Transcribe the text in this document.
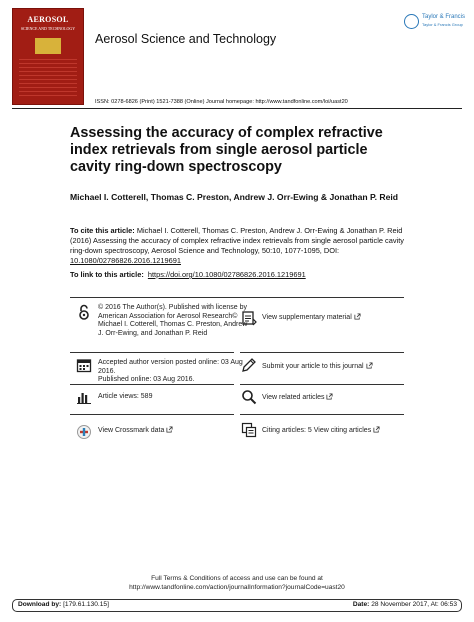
AEROSOL
SCIENCE AND TECHNOLOGY
Aerosol Science and Technology
Taylor & Francis
Taylor & Francis Group
ISSN: 0278-6826 (Print) 1521-7388 (Online) Journal homepage: http://www.tandfonline.com/loi/uast20
Assessing the accuracy of complex refractive index retrievals from single aerosol particle cavity ring-down spectroscopy
Michael I. Cotterell, Thomas C. Preston, Andrew J. Orr-Ewing & Jonathan P. Reid
To cite this article: Michael I. Cotterell, Thomas C. Preston, Andrew J. Orr-Ewing & Jonathan P. Reid (2016) Assessing the accuracy of complex refractive index retrievals from single aerosol particle cavity ring-down spectroscopy, Aerosol Science and Technology, 50:10, 1077-1095, DOI: 10.1080/02786826.2016.1219691
To link to this article: https://doi.org/10.1080/02786826.2016.1219691
© 2016 The Author(s). Published with license by American Association for Aerosol Research© Michael I. Cotterell, Thomas C. Preston, Andrew J. Orr-Ewing, and Jonathan P. Reid
Accepted author version posted online: 03 Aug 2016.
Published online: 03 Aug 2016.
Article views: 589
View Crossmark data
View supplementary material
Submit your article to this journal
View related articles
Citing articles: 5 View citing articles
Full Terms & Conditions of access and use can be found at
http://www.tandfonline.com/action/journalInformation?journalCode=uast20
Download by: [179.61.130.15]	Date: 28 November 2017, At: 06:53
